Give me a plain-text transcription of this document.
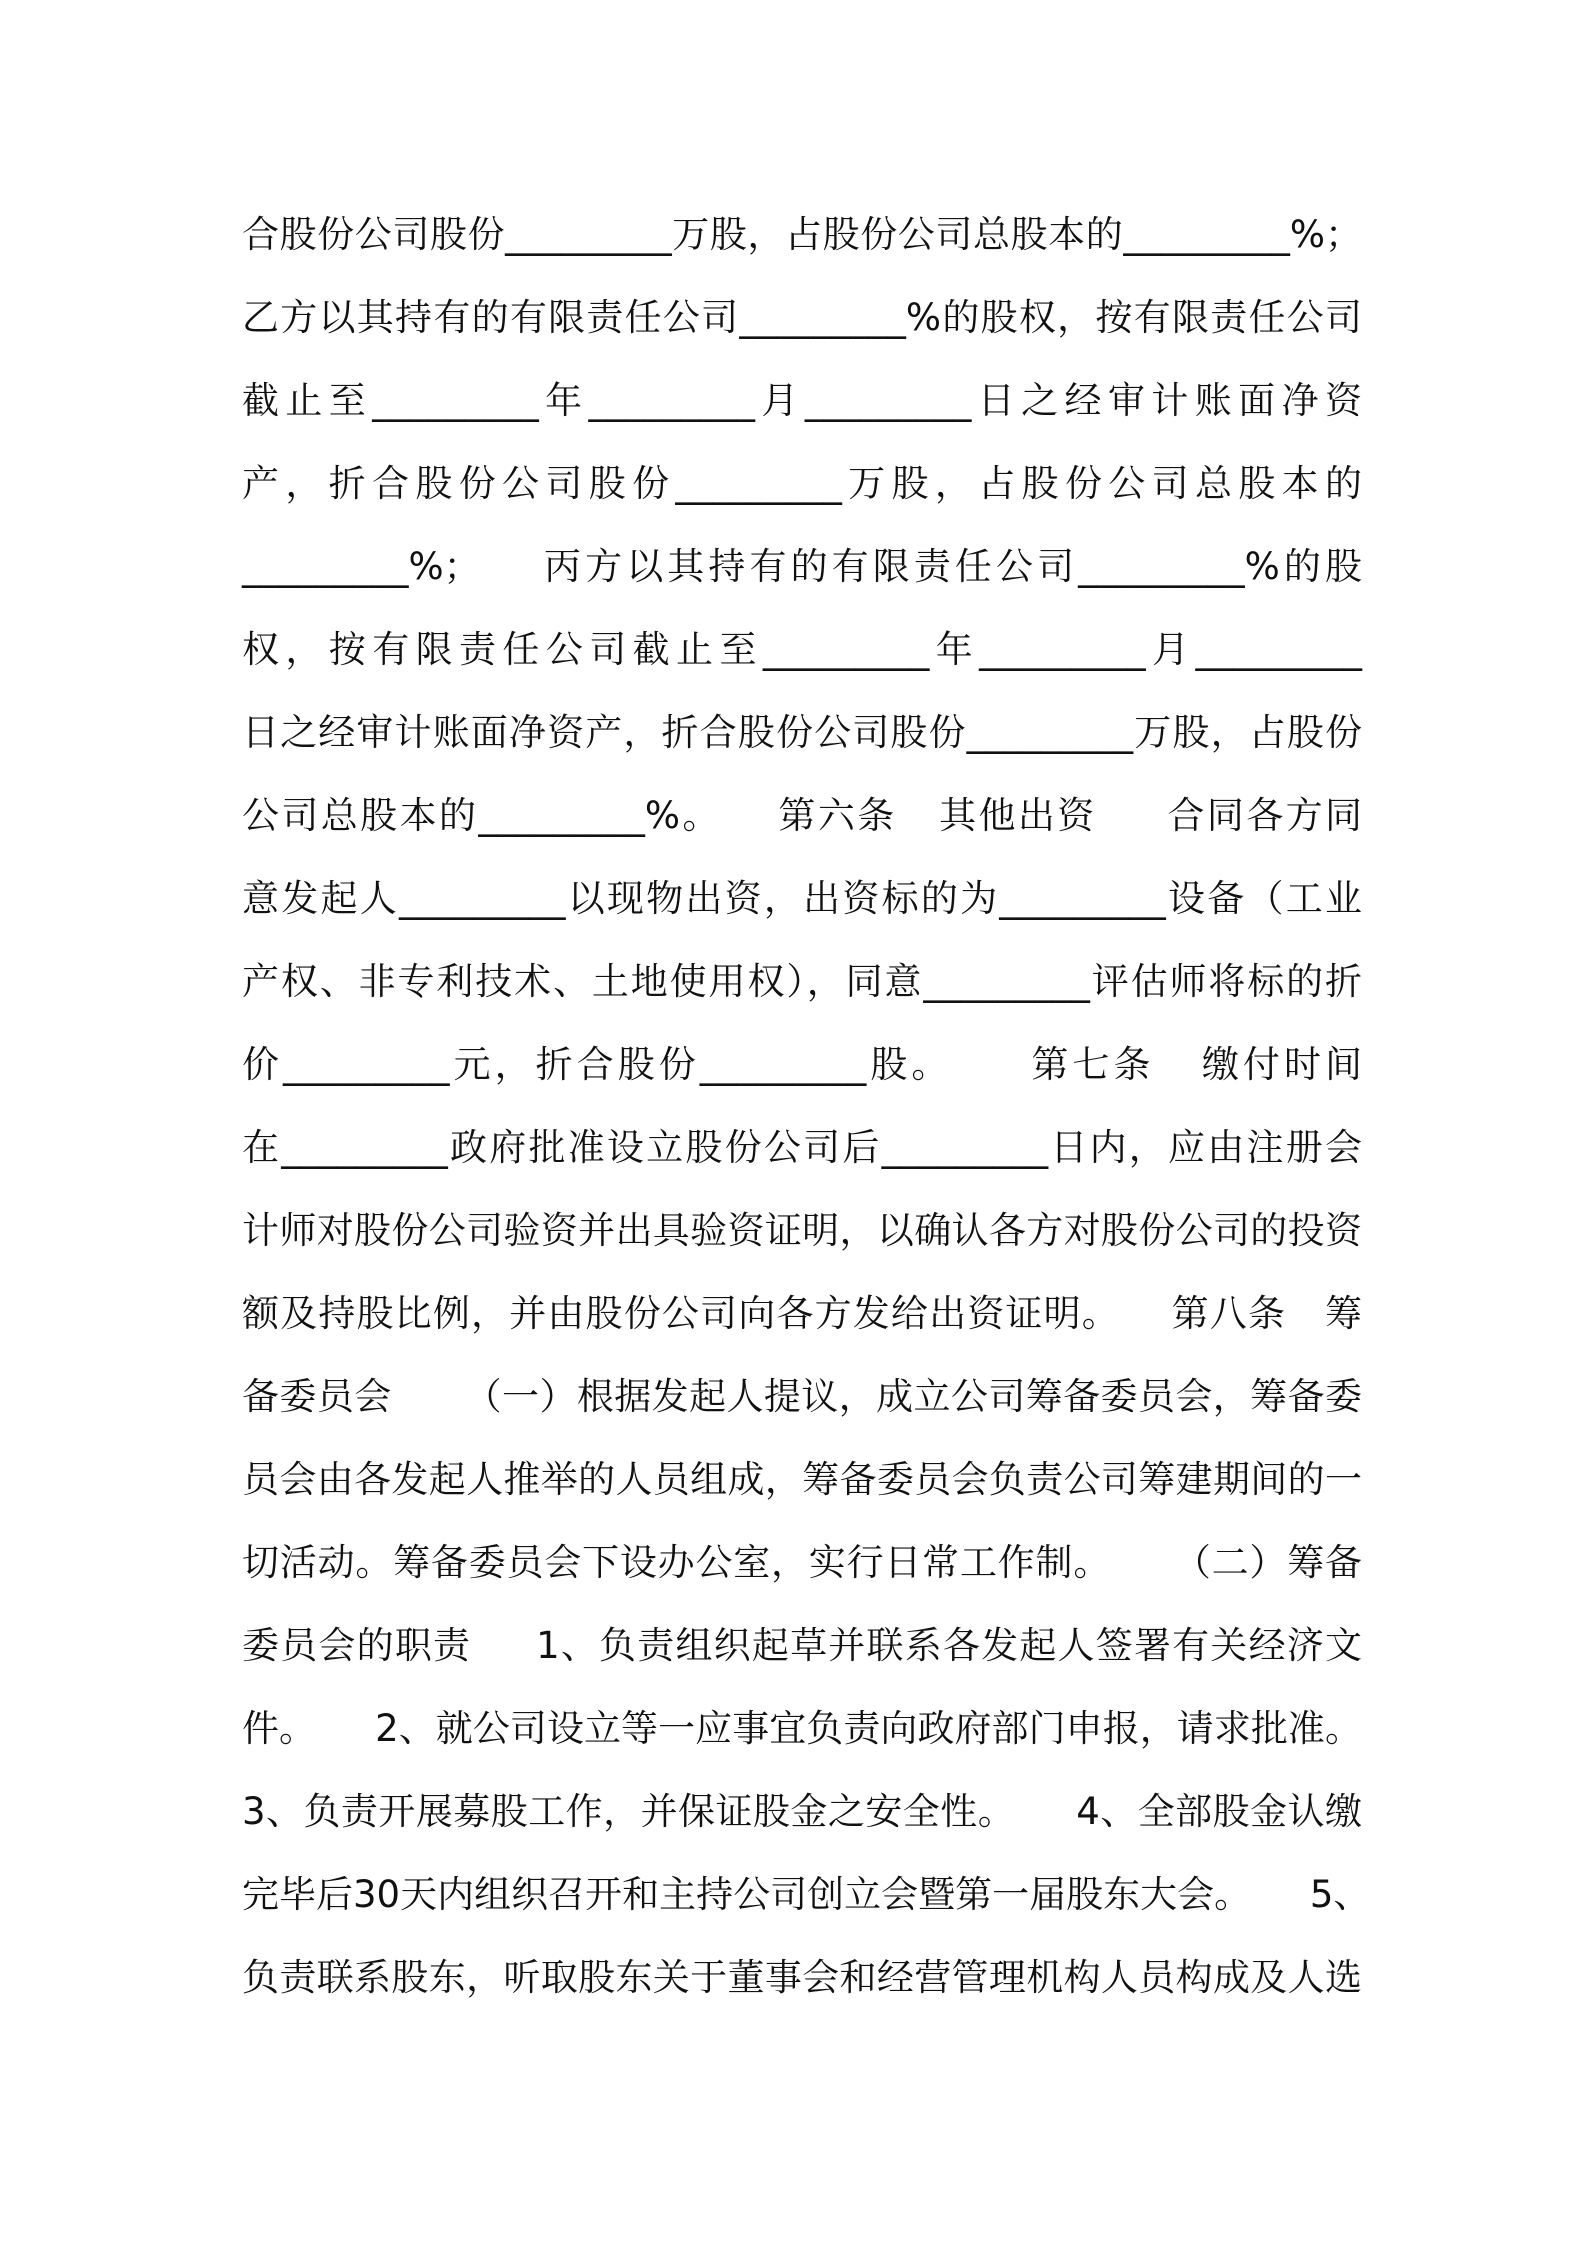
合股份公司股份_________万股，占股份公司总股本的_________%；
乙方以其持有的有限责任公司_________%的股权，按有限责任公司
截止至_________年_________月_________日之经审计账面净资
产，折合股份公司股份_________万股，占股份公司总股本的
_________%；    丙方以其持有的有限责任公司_________%的股
权，按有限责任公司截止至_________年_________月_________
日之经审计账面净资产，折合股份公司股份_________万股，占股份
公司总股本的_________%。    第六条   其他出资     合同各方同
意发起人_________以现物出资，出资标的为_________设备（工业
产权、非专利技术、土地使用权），同意_________评估师将标的折
价_________元，折合股份_________股。     第七条   缴付时间
在_________政府批准设立股份公司后_________日内，应由注册会
计师对股份公司验资并出具验资证明，以确认各方对股份公司的投资
额及持股比例，并由股份公司向各方发给出资证明。    第八条   筹
备委员会      （一）根据发起人提议，成立公司筹备委员会，筹备委
员会由各发起人推举的人员组成，筹备委员会负责公司筹建期间的一
切活动。筹备委员会下设办公室，实行日常工作制。     （二）筹备
委员会的职责     1、负责组织起草并联系各发起人签署有关经济文
件。     2、就公司设立等一应事宜负责向政府部门申报，请求批准。
3、负责开展募股工作，并保证股金之安全性。     4、全部股金认缴
完毕后30天内组织召开和主持公司创立会暨第一届股东大会。     5、
负责联系股东，听取股东关于董事会和经营管理机构人员构成及人选
